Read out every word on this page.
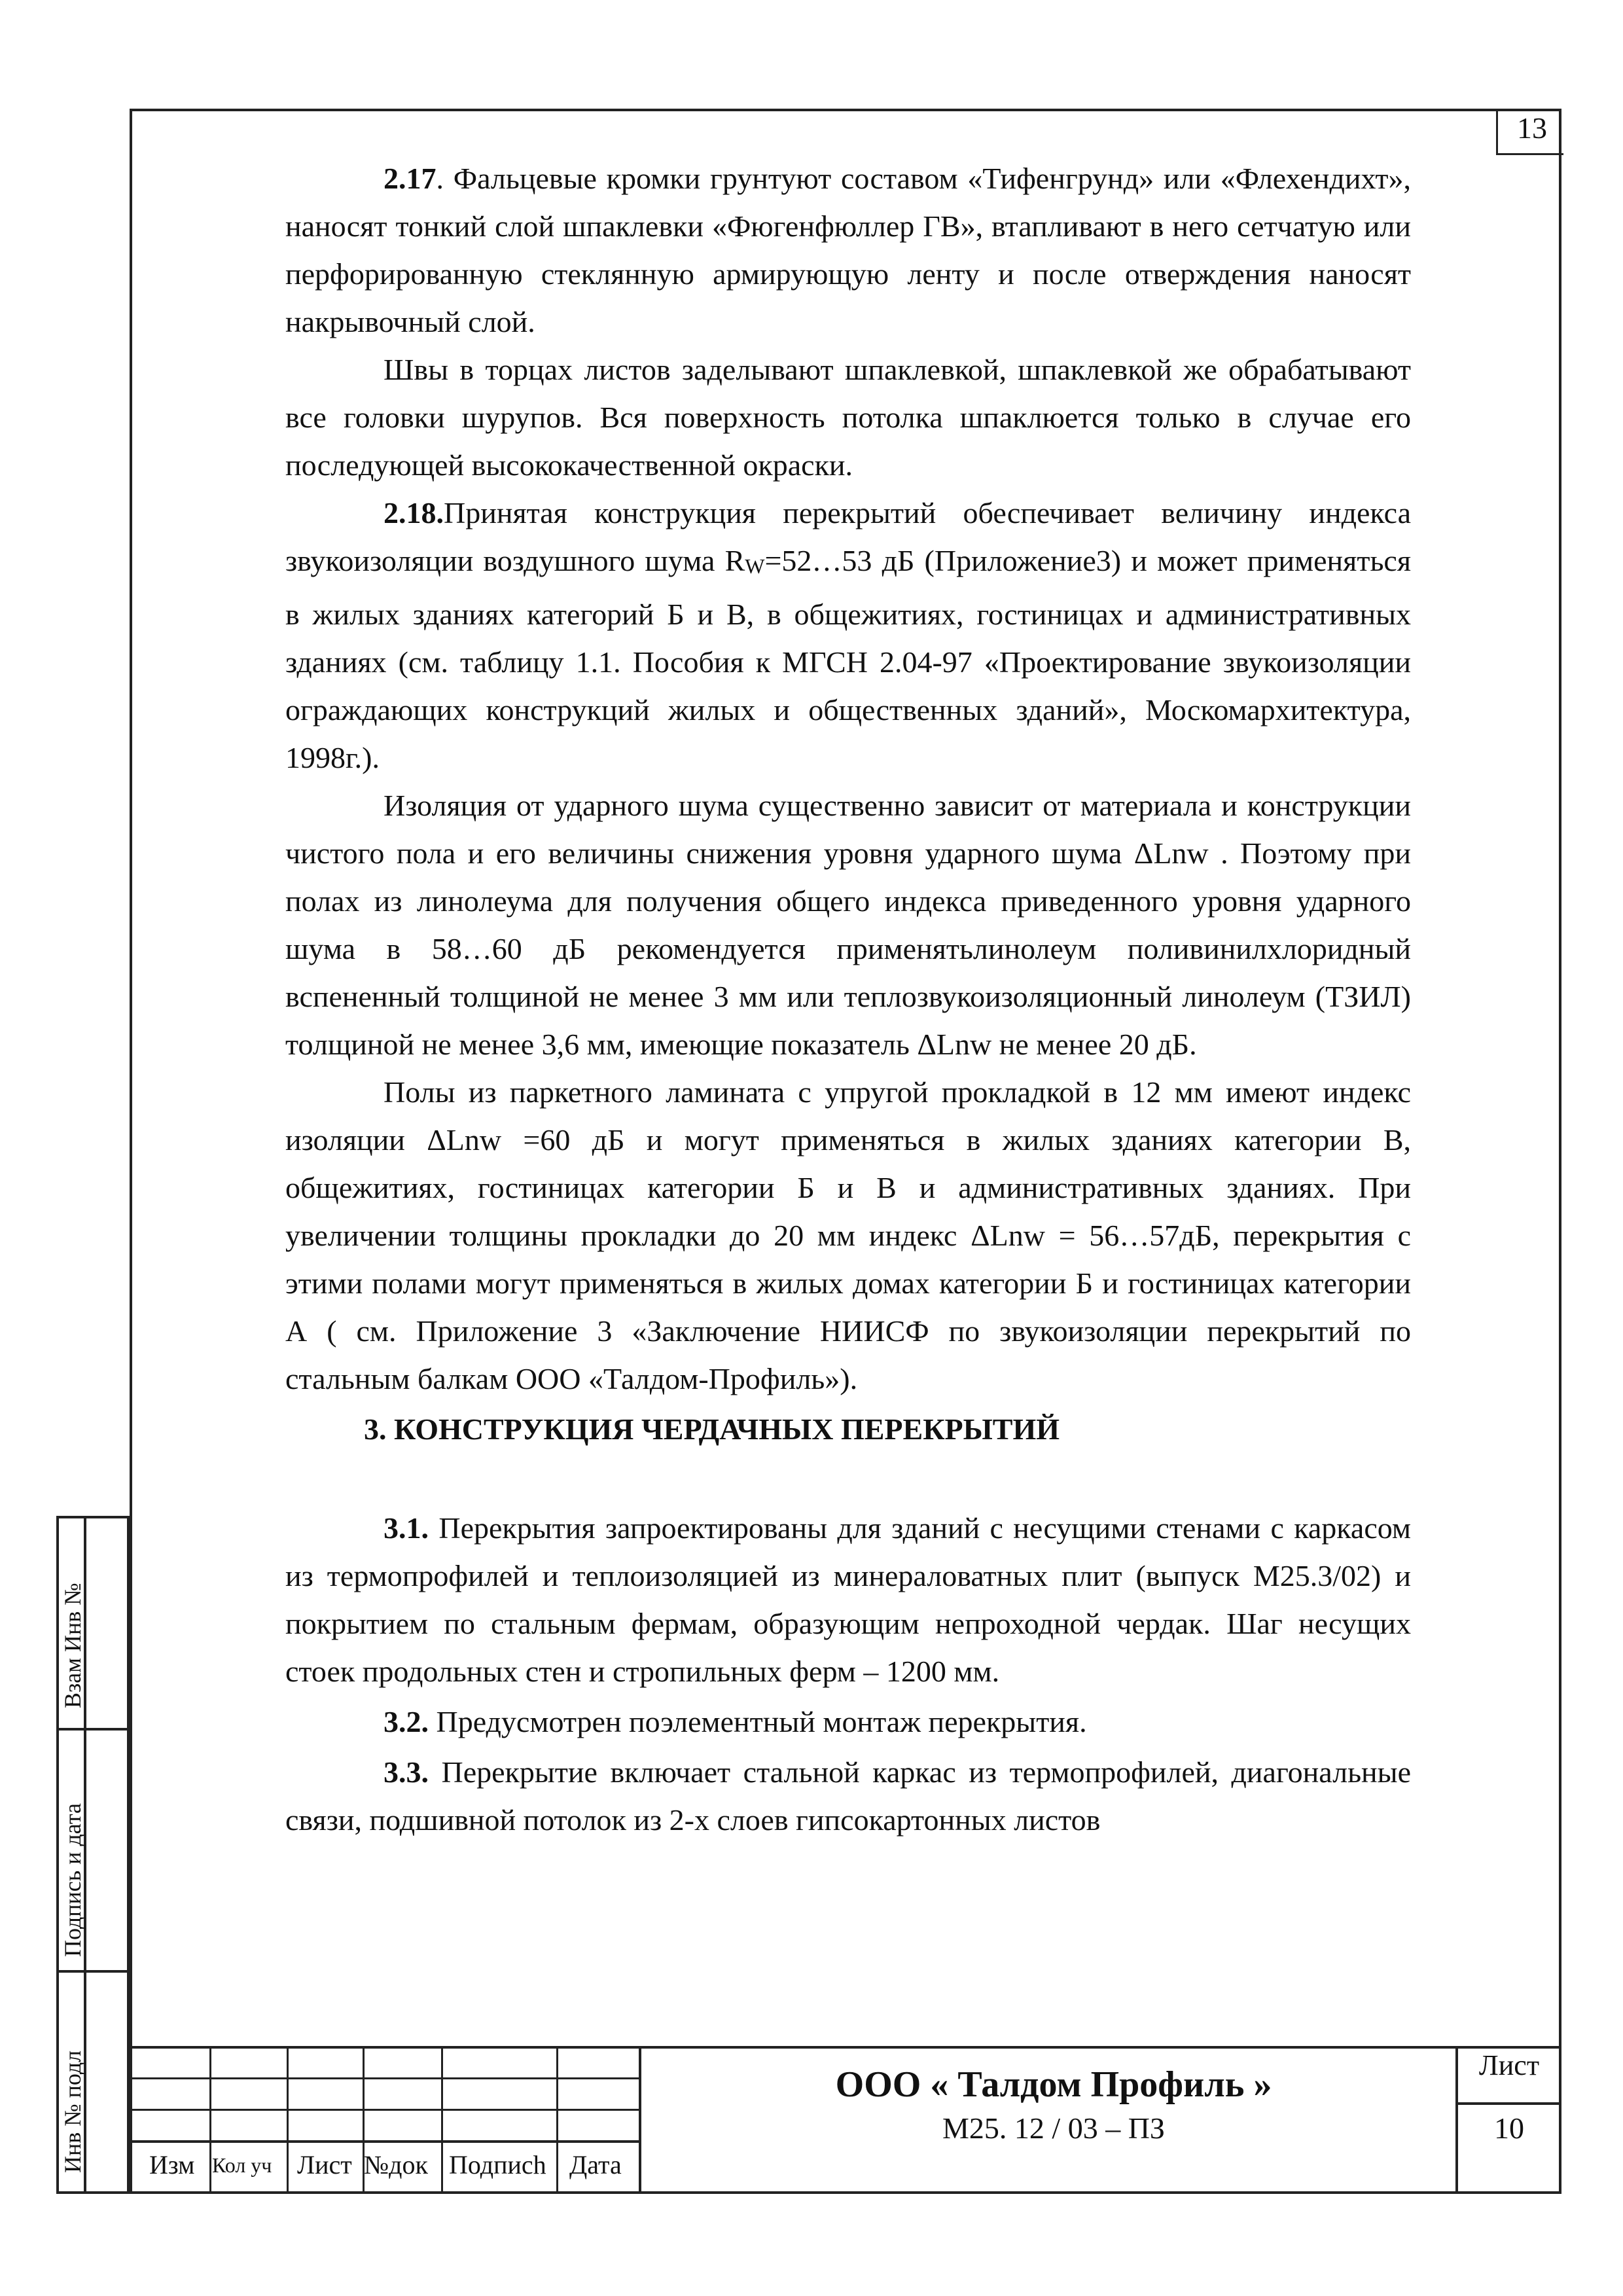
13

2.17. Фальцевые кромки грунтуют составом «Тифенгрунд» или «Флехендихт», наносят тонкий слой шпаклевки «Фюгенфюллер ГВ», втапливают в него сетчатую или перфорированную стеклянную армирующую ленту и после отверждения наносят накрывочный слой.

Швы в торцах листов заделывают шпаклевкой, шпаклевкой же обрабатывают все головки шурупов. Вся поверхность потолка шпаклюется только в случае его последующей высококачественной окраски.

2.18.Принятая конструкция перекрытий обеспечивает величину индекса звукоизоляции воздушного шума $R_W=52\dots 53$ дБ (Приложение3) и может применяться в жилых зданиях категорий Б и В, в общежитиях, гостиницах и административных зданиях (см. таблицу 1.1. Пособия к МГСН 2.04-97 «Проектирование звукоизоляции ограждающих конструкций жилых и общественных зданий», Москомархитектура, 1998г.).

Изоляция от ударного шума существенно зависит от материала и конструкции чистого пола и его величины снижения уровня ударного шума ΔLnw . Поэтому при полах из линолеума для получения общего индекса приведенного уровня ударного шума в 58…60 дБ рекомендуется применятьлинолеум поливинилхлоридный вспененный толщиной не менее 3 мм или теплозвукоизоляционный линолеум (ТЗИЛ) толщиной не менее 3,6 мм, имеющие показатель ΔLnw не менее 20 дБ.

Полы из паркетного ламината с упругой прокладкой в 12 мм имеют индекс изоляции ΔLnw =60 дБ и могут применяться в жилых зданиях категории В, общежитиях, гостиницах категории Б и В и административных зданиях. При увеличении толщины прокладки до 20 мм индекс ΔLnw = 56…57дБ, перекрытия с этими полами могут применяться в жилых домах категории Б и гостиницах категории А ( см. Приложение 3 «Заключение НИИСФ по звукоизоляции перекрытий по стальным балкам ООО «Талдом-Профиль»).

3. КОНСТРУКЦИЯ ЧЕРДАЧНЫХ ПЕРЕКРЫТИЙ

3.1. Перекрытия запроектированы для зданий с несущими стенами с каркасом из термопрофилей и теплоизоляцией из минераловатных плит (выпуск М25.3/02) и покрытием по стальным фермам, образующим непроходной чердак. Шаг несущих стоек продольных стен и стропильных ферм – 1200 мм.

3.2. Предусмотрен поэлементный монтаж перекрытия.

3.3. Перекрытие включает стальной каркас из термопрофилей, диагональные связи, подшивной потолок из 2-х слоев гипсокартонных листов

Взам Инв №
Подпись и дата
Инв № подл Изм Кол уч Лист №док Подписh Дата
ООО « Талдом Профиль »
М25. 12 / 03 – ПЗ
Лист
10
